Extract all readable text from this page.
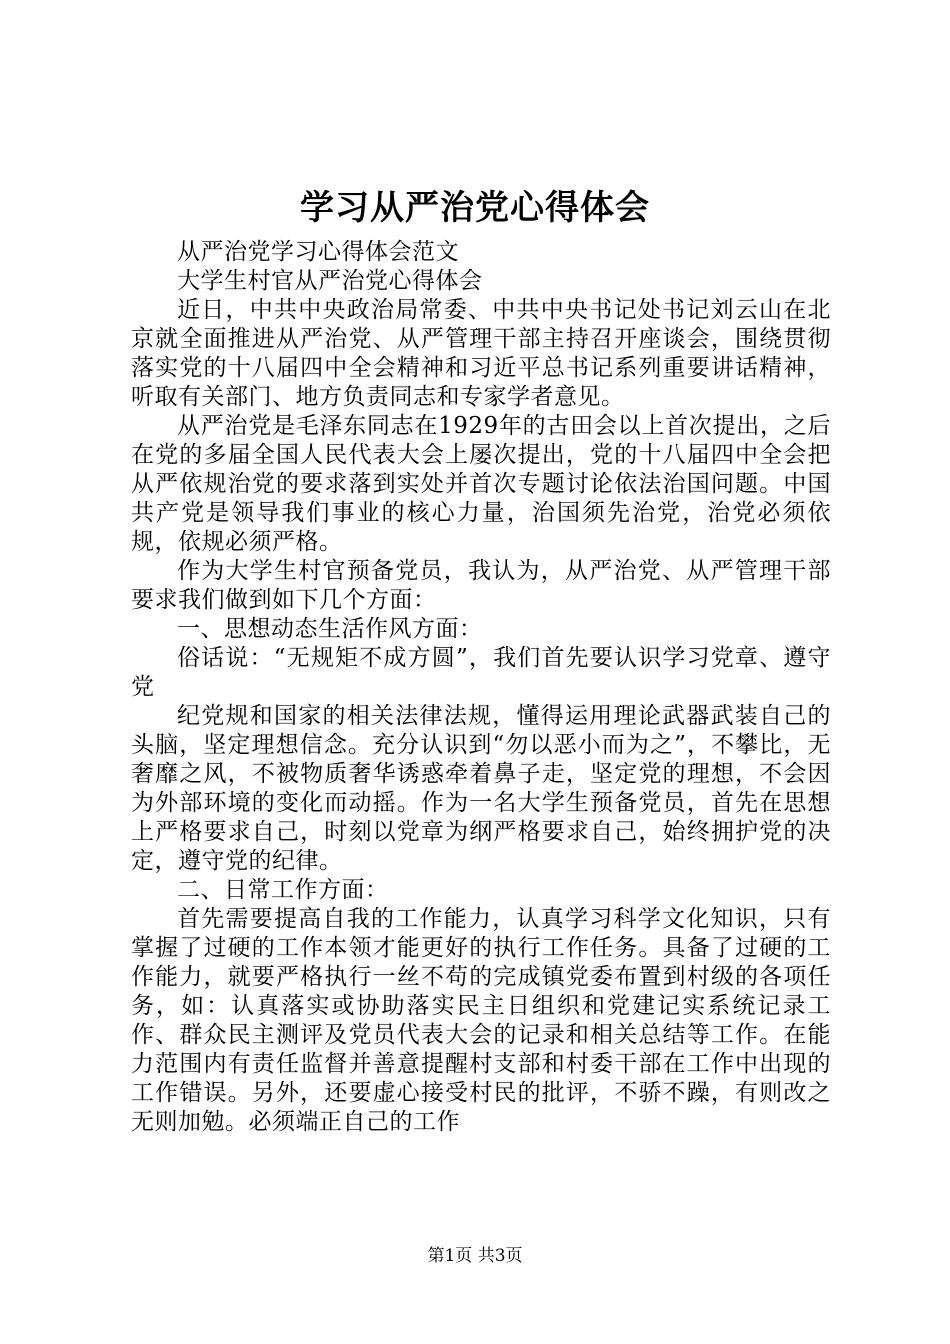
学习从严治党心得体会

从严治党学习心得体会范文

大学生村官从严治党心得体会

近日，中共中央政治局常委、中共中央书记处书记刘云山在北京就全面推进从严治党、从严管理干部主持召开座谈会，围绕贯彻落实党的十八届四中全会精神和习近平总书记系列重要讲话精神，听取有关部门、地方负责同志和专家学者意见。

从严治党是毛泽东同志在1929年的古田会以上首次提出，之后在党的多届全国人民代表大会上屡次提出，党的十八届四中全会把从严依规治党的要求落到实处并首次专题讨论依法治国问题。中国共产党是领导我们事业的核心力量，治国须先治党，治党必须依规，依规必须严格。

作为大学生村官预备党员，我认为，从严治党、从严管理干部要求我们做到如下几个方面：

一、思想动态生活作风方面：

俗话说：“无规矩不成方圆”，我们首先要认识学习党章、遵守党

纪党规和国家的相关法律法规，懂得运用理论武器武装自己的头脑，坚定理想信念。充分认识到“勿以恶小而为之”，不攀比，无奢靡之风，不被物质奢华诱惑牵着鼻子走，坚定党的理想，不会因为外部环境的变化而动摇。作为一名大学生预备党员，首先在思想上严格要求自己，时刻以党章为纲严格要求自己，始终拥护党的决定，遵守党的纪律。

二、日常工作方面：

首先需要提高自我的工作能力，认真学习科学文化知识，只有掌握了过硬的工作本领才能更好的执行工作任务。具备了过硬的工作能力，就要严格执行一丝不苟的完成镇党委布置到村级的各项任务，如：认真落实或协助落实民主日组织和党建记实系统记录工作、群众民主测评及党员代表大会的记录和相关总结等工作。在能力范围内有责任监督并善意提醒村支部和村委干部在工作中出现的工作错误。另外，还要虚心接受村民的批评，不骄不躁，有则改之无则加勉。必须端正自己的工作

第1页 共3页
